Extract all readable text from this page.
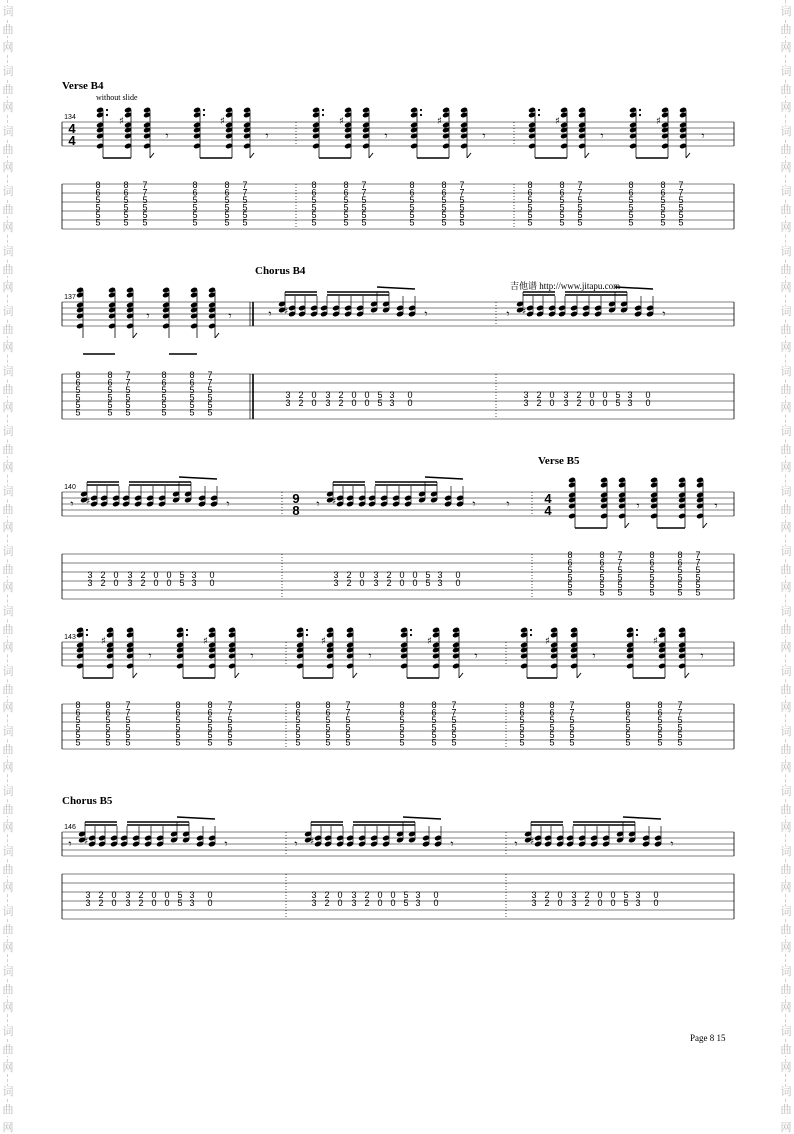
词
曲
网
词
曲
网
词
曲
网
词
曲
网
词
曲
网
词
曲
网
词
曲
网
词
曲
网
词
曲
网
词
曲
网
词
曲
网
词
曲
网
词
曲
网
词
曲
网
词
曲
网
词
曲
网
词
曲
网
词
曲
网
词
曲
网
词
曲
网
词
曲
网
词
曲
网
词
曲
网
词
曲
网
词
曲
网
词
曲
网
词
曲
网
词
曲
网
词
曲
网
词
曲
网
词
曲
网
词
曲
网
词
曲
网
词
曲
网
词
曲
网
词
曲
网
词
曲
网
词
曲
网
Verse B4
without slide
Chorus B4
吉他谱 http://www.jitapu.com
Verse B5
Chorus B5
Page 8 15
134
4
4
♯	♯	♯	♯	♯	♯
𝄾	𝄾	𝄾	𝄾	𝄾	𝄾
8
6
5
5
5
5
8
6
5
5
5
5
7
7
5
5
5
5
8
6
5
5
5
5
8
6
5
5
5
5
7
7
5
5
5
5
8
6
5
5
5
5
8
6
5
5
5
5
7
7
5
5
5
5
8
6
5
5
5
5
8
6
5
5
5
5
7
7
5
5
5
5
8
6
5
5
5
5
8
6
5
5
5
5
7
7
5
5
5
5
8
6
5
5
5
5
8
6
5
5
5
5
7
7
5
5
5
5
137
𝄾	𝄾
8
6
5
5
5
5
8
6
5
5
5
5
7
7
5
5
5
5
8
6
5
5
5
5
8
6
5
5
5
5
7
7
5
5
5
5
𝄾 ♯	𝄾
3
3
2
2
0
0
3
3
2
2
0
0
0
0
5
5
3
3
0
0
𝄾 ♯	𝄾
3
3
2
2
0
0
3
3
2
2
0
0
0
0
5
5
3
3
0
0
140
𝄾 ♯	𝄾
3
3
2
2
0
0
3
3
2
2
0
0
0
0
5
5
3
3
0
0
9
8 𝄾 ♯	𝄾
3
3
2
2
0
0
3
3
2
2
0
0
0
0
5
5
3
3
0
0
𝄾	4
4	𝄾	𝄾
8
6
5
5
5
5
8
6
5
5
5
5
7
7
5
5
5
5
8
6
5
5
5
5
8
6
5
5
5
5
7
7
5
5
5
5
143	♯	♯	♯	♯	♯	♯
𝄾	𝄾	𝄾	𝄾	𝄾	𝄾
8
6
5
5
5
5
8
6
5
5
5
5
7
7
5
5
5
5
8
6
5
5
5
5
8
6
5
5
5
5
7
7
5
5
5
5
8
6
5
5
5
5
8
6
5
5
5
5
7
7
5
5
5
5
8
6
5
5
5
5
8
6
5
5
5
5
7
7
5
5
5
5
8
6
5
5
5
5
8
6
5
5
5
5
7
7
5
5
5
5
8
6
5
5
5
5
8
6
5
5
5
5
7
7
5
5
5
5
146
𝄾 ♯	𝄾
3
3
2
2
0
0
3
3
2
2
0
0
0
0
5
5
3
3
0
0
𝄾 ♯	𝄾
3
3
2
2
0
0
3
3
2
2
0
0
0
0
5
5
3
3
0
0
𝄾 ♯	𝄾
3
3
2
2
0
0
3
3
2
2
0
0
0
0
5
5
3
3
0
0
